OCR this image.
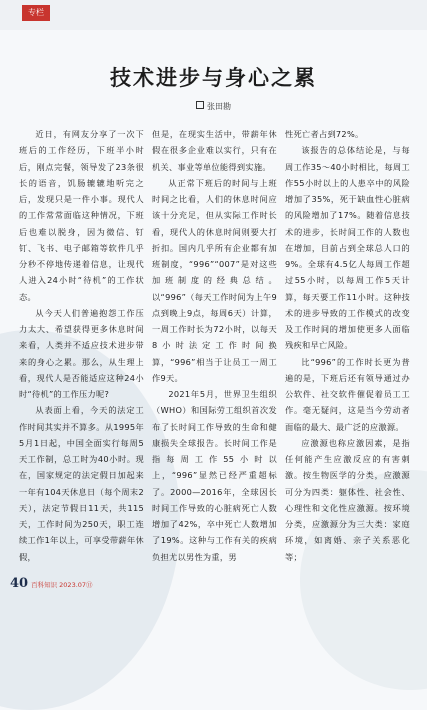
专栏
技术进步与身心之累
张田勘

近日，有网友分享了一次下班后的工作经历，下班半小时后，刚点完餐，领导发了23条很长的语音，饥肠辘辘地听完之后，发现只是一件小事。现代人的工作常常面临这种情况，下班后也难以脱身，因为微信、钉钉、飞书、电子邮箱等软件几乎分秒不停地传递着信息，让现代人进入24小时“待机”的工作状态。

从今天人们普遍抱怨工作压力太大、希望获得更多休息时间来看，人类并不适应技术进步带来的身心之累。那么，从生理上看，现代人是否能适应这种24小时“待机”的工作压力呢?

从表面上看，今天的法定工作时间其实并不算多。从1995年5月1日起，中国全面实行每周5天工作制，总工时为40小时。现在，国家规定的法定假日加起来一年有104天休息日（每个周末2天），法定节假日11天，共115天，工作时间为250天，职工连续工作1年以上，可享受带薪年休假，

但是，在现实生活中，带薪年休假在很多企业难以实行，只有在机关、事业等单位能得到实施。

从正常下班后的时间与上班时间之比看，人们的休息时间应该十分充足，但从实际工作时长看，现代人的休息时间则要大打折扣。国内几乎所有企业都有加班制度，“996”“007”是对这些加班制度的经典总结。以“996”（每天工作时间为上午9点到晚上9点，每周6天）计算，一周工作时长为72小时，以每天8小时法定工作时间换算，“996”相当于让员工一周工作9天。

2021年5月，世界卫生组织（WHO）和国际劳工组织首次发布了长时间工作导致的生命和健康损失全球报告。长时间工作是指每周工作55小时以上，“996”显然已经严重超标了。2000—2016年，全球因长时间工作导致的心脏病死亡人数增加了42%，卒中死亡人数增加了19%。这种与工作有关的疾病负担尤以男性为重，男

性死亡者占到72%。

该报告的总体结论是，与每周工作35～40小时相比，每周工作55小时以上的人患卒中的风险增加了35%，死于缺血性心脏病的风险增加了17%。随着信息技术的进步，长时间工作的人数也在增加，目前占到全球总人口的9%。全球有4.5亿人每周工作超过55小时，以每周工作5天计算，每天要工作11小时。这种技术的进步导致的工作模式的改变及工作时间的增加使更多人面临残疾和早亡风险。

比“996”的工作时长更为普遍的是，下班后还有领导通过办公软件、社交软件催促着员工工作。毫无疑问，这是当今劳动者面临的最大、最广泛的应激源。

应激源也称应激因素，是指任何能产生应激反应的有害刺激。按生物医学的分类，应激源可分为四类：躯体性、社会性、心理性和文化性应激源。按环境分类，应激源分为三大类：家庭环境，如离婚、亲子关系恶化等；

40 百科知识 2023.07⑪
